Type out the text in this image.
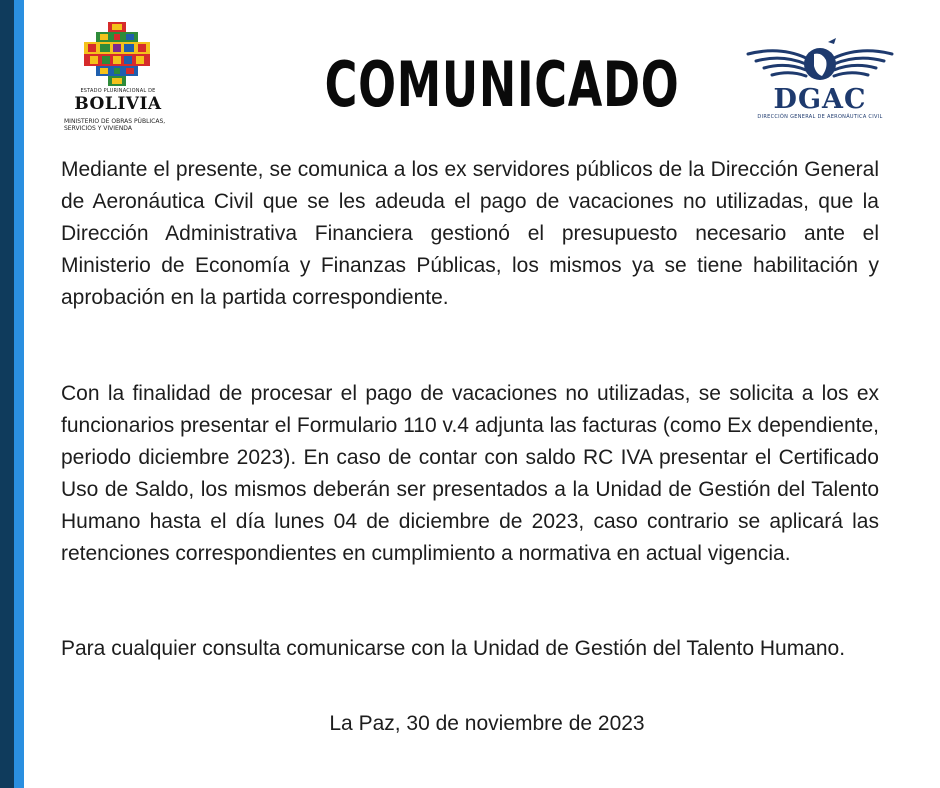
ESTADO PLURINACIONAL DE
BOLIVIA
MINISTERIO DE OBRAS PÚBLICAS, SERVICIOS Y VIVIENDA
COMUNICADO	DGAC
DIRECCIÓN GENERAL DE AERONÁUTICA CIVIL

Mediante el presente, se comunica a los ex servidores públicos de la Dirección General de Aeronáutica Civil que se les adeuda el pago de vacaciones no utilizadas, que la Dirección Administrativa Financiera gestionó el presupuesto necesario ante el Ministerio de Economía y Finanzas Públicas, los mismos ya se tiene habilitación y aprobación en la partida correspondiente.

Con la finalidad de procesar el pago de vacaciones no utilizadas, se solicita a los ex funcionarios presentar el Formulario 110 v.4 adjunta las facturas (como Ex dependiente, periodo diciembre 2023). En caso de contar con saldo RC IVA presentar el Certificado Uso de Saldo, los mismos deberán ser presentados a la Unidad de Gestión del Talento Humano hasta el día lunes 04 de diciembre de 2023, caso contrario se aplicará las retenciones correspondientes en cumplimiento a normativa en actual vigencia.

Para cualquier consulta comunicarse con la Unidad de Gestión del Talento Humano.

La Paz, 30 de noviembre de 2023
